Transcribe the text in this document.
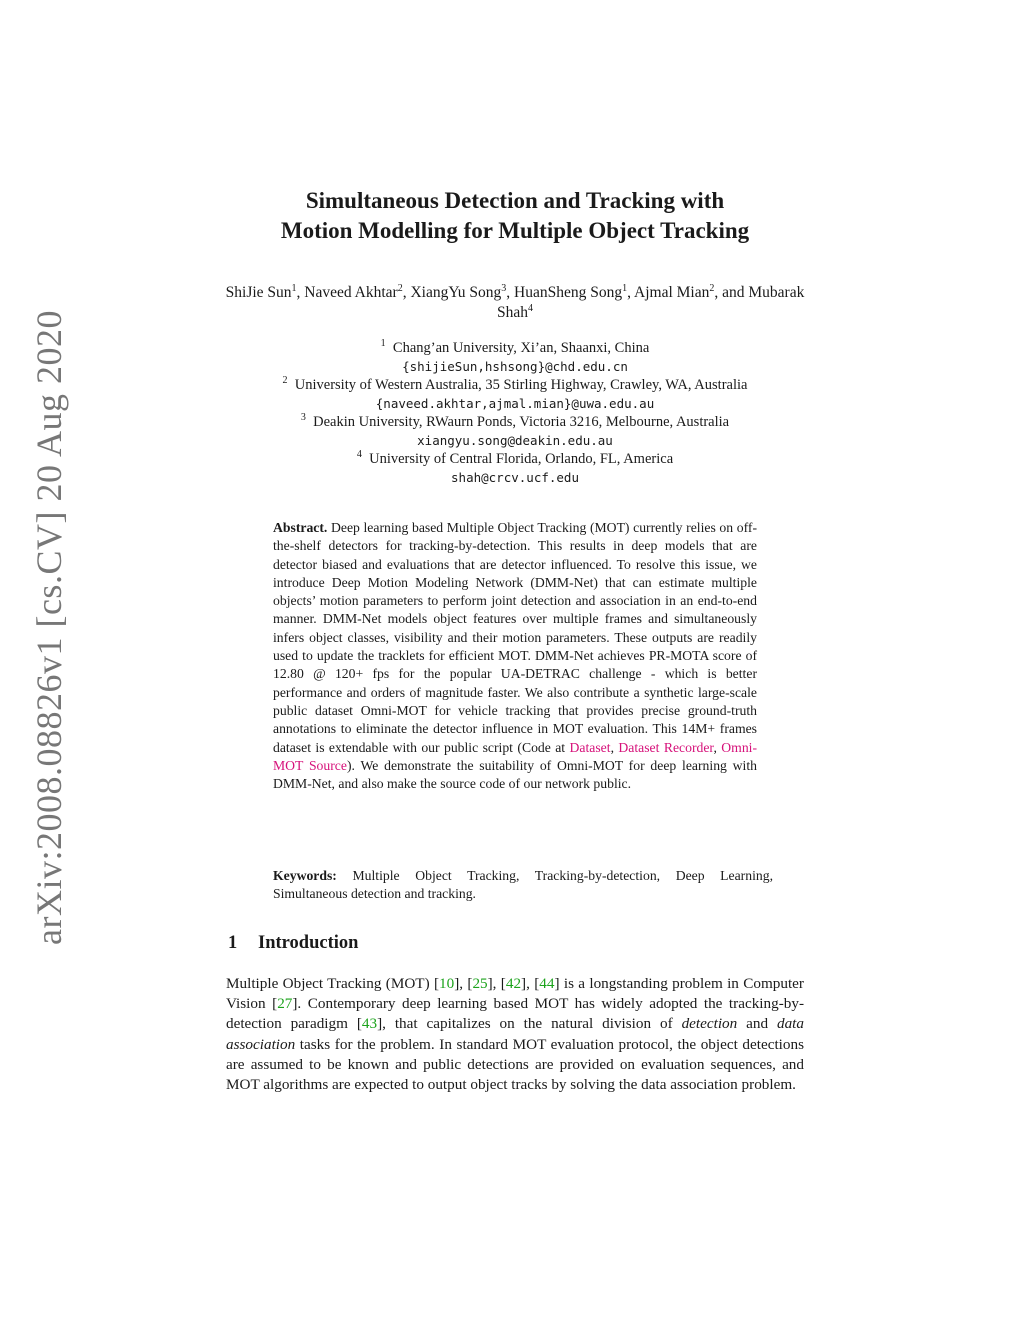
arXiv:2008.08826v1 [cs.CV] 20 Aug 2020
Simultaneous Detection and Tracking with
Motion Modelling for Multiple Object Tracking
ShiJie Sun$^1$, Naveed Akhtar$^2$, XiangYu Song$^3$, HuanSheng Song$^1$, Ajmal Mian$^2$, and Mubarak Shah$^4$
$^1$ Chang’an University, Xi’an, Shaanxi, China
{shijieSun,hshsong}@chd.edu.cn
$^2$ University of Western Australia, 35 Stirling Highway, Crawley, WA, Australia
{naveed.akhtar,ajmal.mian}@uwa.edu.au
$^3$ Deakin University, RWaurn Ponds, Victoria 3216, Melbourne, Australia
xiangyu.song@deakin.edu.au
$^4$ University of Central Florida, Orlando, FL, America
shah@crcv.ucf.edu
Abstract. Deep learning based Multiple Object Tracking (MOT) currently relies on off-the-shelf detectors for tracking-by-detection. This results in deep models that are detector biased and evaluations that are detector influenced. To resolve this issue, we introduce Deep Motion Modeling Network (DMM-Net) that can estimate multiple objects’ motion parameters to perform joint detection and association in an end-to-end manner. DMM-Net models object features over multiple frames and simultaneously infers object classes, visibility and their motion parameters. These outputs are readily used to update the tracklets for efficient MOT. DMM-Net achieves PR-MOTA score of 12.80 @ 120+ fps for the popular UA-DETRAC challenge - which is better performance and orders of magnitude faster. We also contribute a synthetic large-scale public dataset Omni-MOT for vehicle tracking that provides precise ground-truth annotations to eliminate the detector influence in MOT evaluation. This 14M+ frames dataset is extendable with our public script (Code at Dataset, Dataset Recorder, Omni-MOT Source). We demonstrate the suitability of Omni-MOT for deep learning with DMM-Net, and also make the source code of our network public.
Keywords: Multiple Object Tracking, Tracking-by-detection, Deep Learning, Simultaneous detection and tracking.
1 Introduction
Multiple Object Tracking (MOT) [10], [25], [42], [44] is a longstanding problem in Computer Vision [27]. Contemporary deep learning based MOT has widely adopted the tracking-by-detection paradigm [43], that capitalizes on the natural division of detection and data association tasks for the problem. In standard MOT evaluation protocol, the object detections are assumed to be known and public detections are provided on evaluation sequences, and MOT algorithms are expected to output object tracks by solving the data association problem.
